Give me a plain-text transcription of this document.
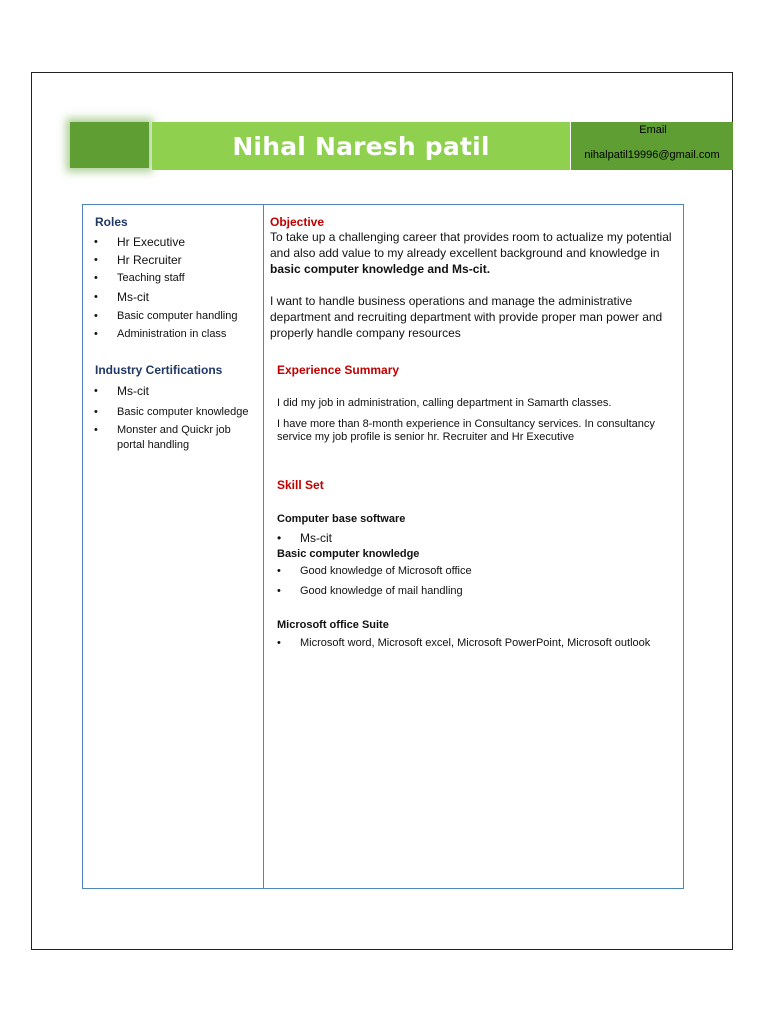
Nihal Naresh patil
Email
nihalpatil19996@gmail.com

Roles

• Hr Executive
• Hr Recruiter
• Teaching staff
• Ms-cit
• Basic computer handling
• Administration in class

Industry Certifications

• Ms-cit
• Basic computer knowledge
• Monster and Quickr job portal handling

Objective

To take up a challenging career that provides room to actualize my potential and also add value to my already excellent background and knowledge in basic computer knowledge and Ms-cit.

I want to handle business operations and manage the administrative department and recruiting department with provide proper man power and properly handle company resources

Experience Summary

I did my job in administration, calling department in Samarth classes.

I have more than 8-month experience in Consultancy services. In consultancy service my job profile is senior hr. Recruiter and Hr Executive

Skill Set

Computer base software

• Ms-cit

Basic computer knowledge

• Good knowledge of Microsoft office
• Good knowledge of mail handling

Microsoft office Suite

• Microsoft word, Microsoft excel, Microsoft PowerPoint, Microsoft outlook
